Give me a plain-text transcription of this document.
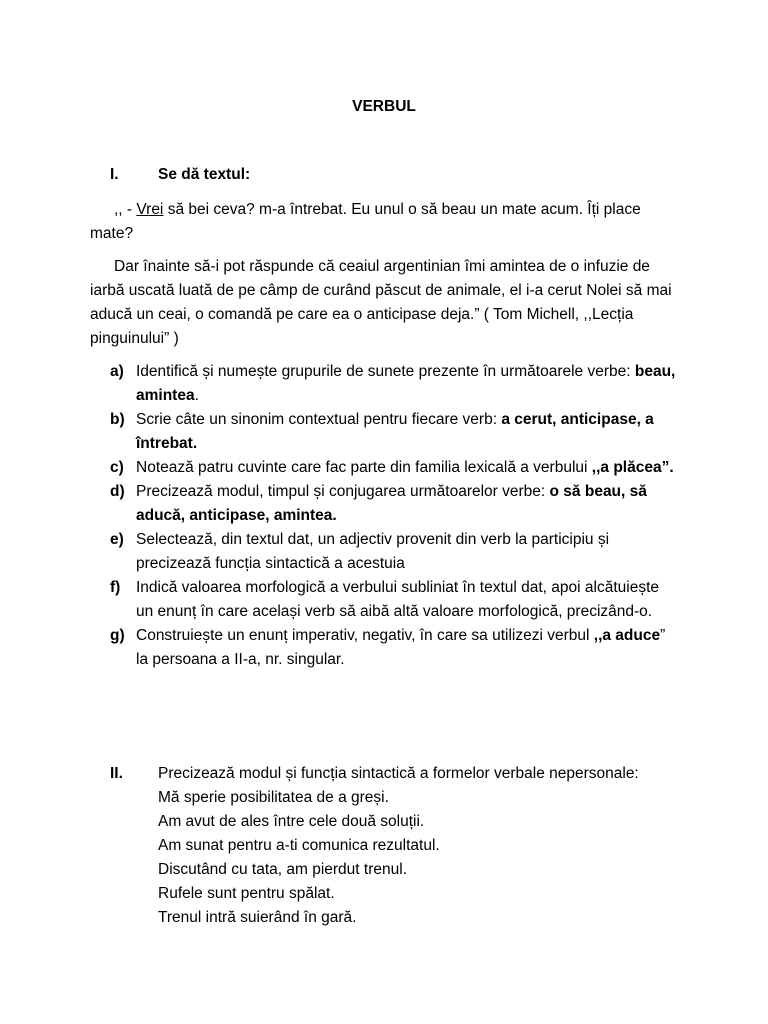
VERBUL
I.	Se dă textul:
,, - Vrei să bei ceva? m-a întrebat. Eu unul o să beau un mate acum. Îți place mate?
Dar înainte să-i pot răspunde că ceaiul argentinian îmi amintea de o infuzie de iarbă uscată luată de pe câmp de curând păscut de animale, el i-a cerut Nolei să mai aducă un ceai, o comandă pe care ea o anticipase deja.” ( Tom Michell, ,,Lecția pinguinului” )
a) Identifică și numește grupurile de sunete prezente în următoarele verbe: beau, amintea.
b) Scrie câte un sinonim contextual pentru fiecare verb: a cerut, anticipase, a întrebat.
c) Notează patru cuvinte care fac parte din familia lexicală a verbului ,,a plăcea”.
d) Precizează modul, timpul și conjugarea următoarelor verbe: o să beau, să aducă, anticipase, amintea.
e) Selectează, din textul dat, un adjectiv provenit din verb la participiu și precizează funcția sintactică a acestuia
f) Indică valoarea morfologică a verbului subliniat în textul dat, apoi alcătuiește un enunț în care același verb să aibă altă valoare morfologică, precizând-o.
g) Construiește un enunț imperativ, negativ, în care sa utilizezi verbul ,,a aduce” la persoana a II-a, nr. singular.
II. Precizează modul și funcția sintactică a formelor verbale nepersonale:
Mă sperie posibilitatea de a greși.
Am avut de ales între cele două soluții.
Am sunat pentru a-ti comunica rezultatul.
Discutând cu tata, am pierdut trenul.
Rufele sunt pentru spălat.
Trenul intră suierând în gară.
